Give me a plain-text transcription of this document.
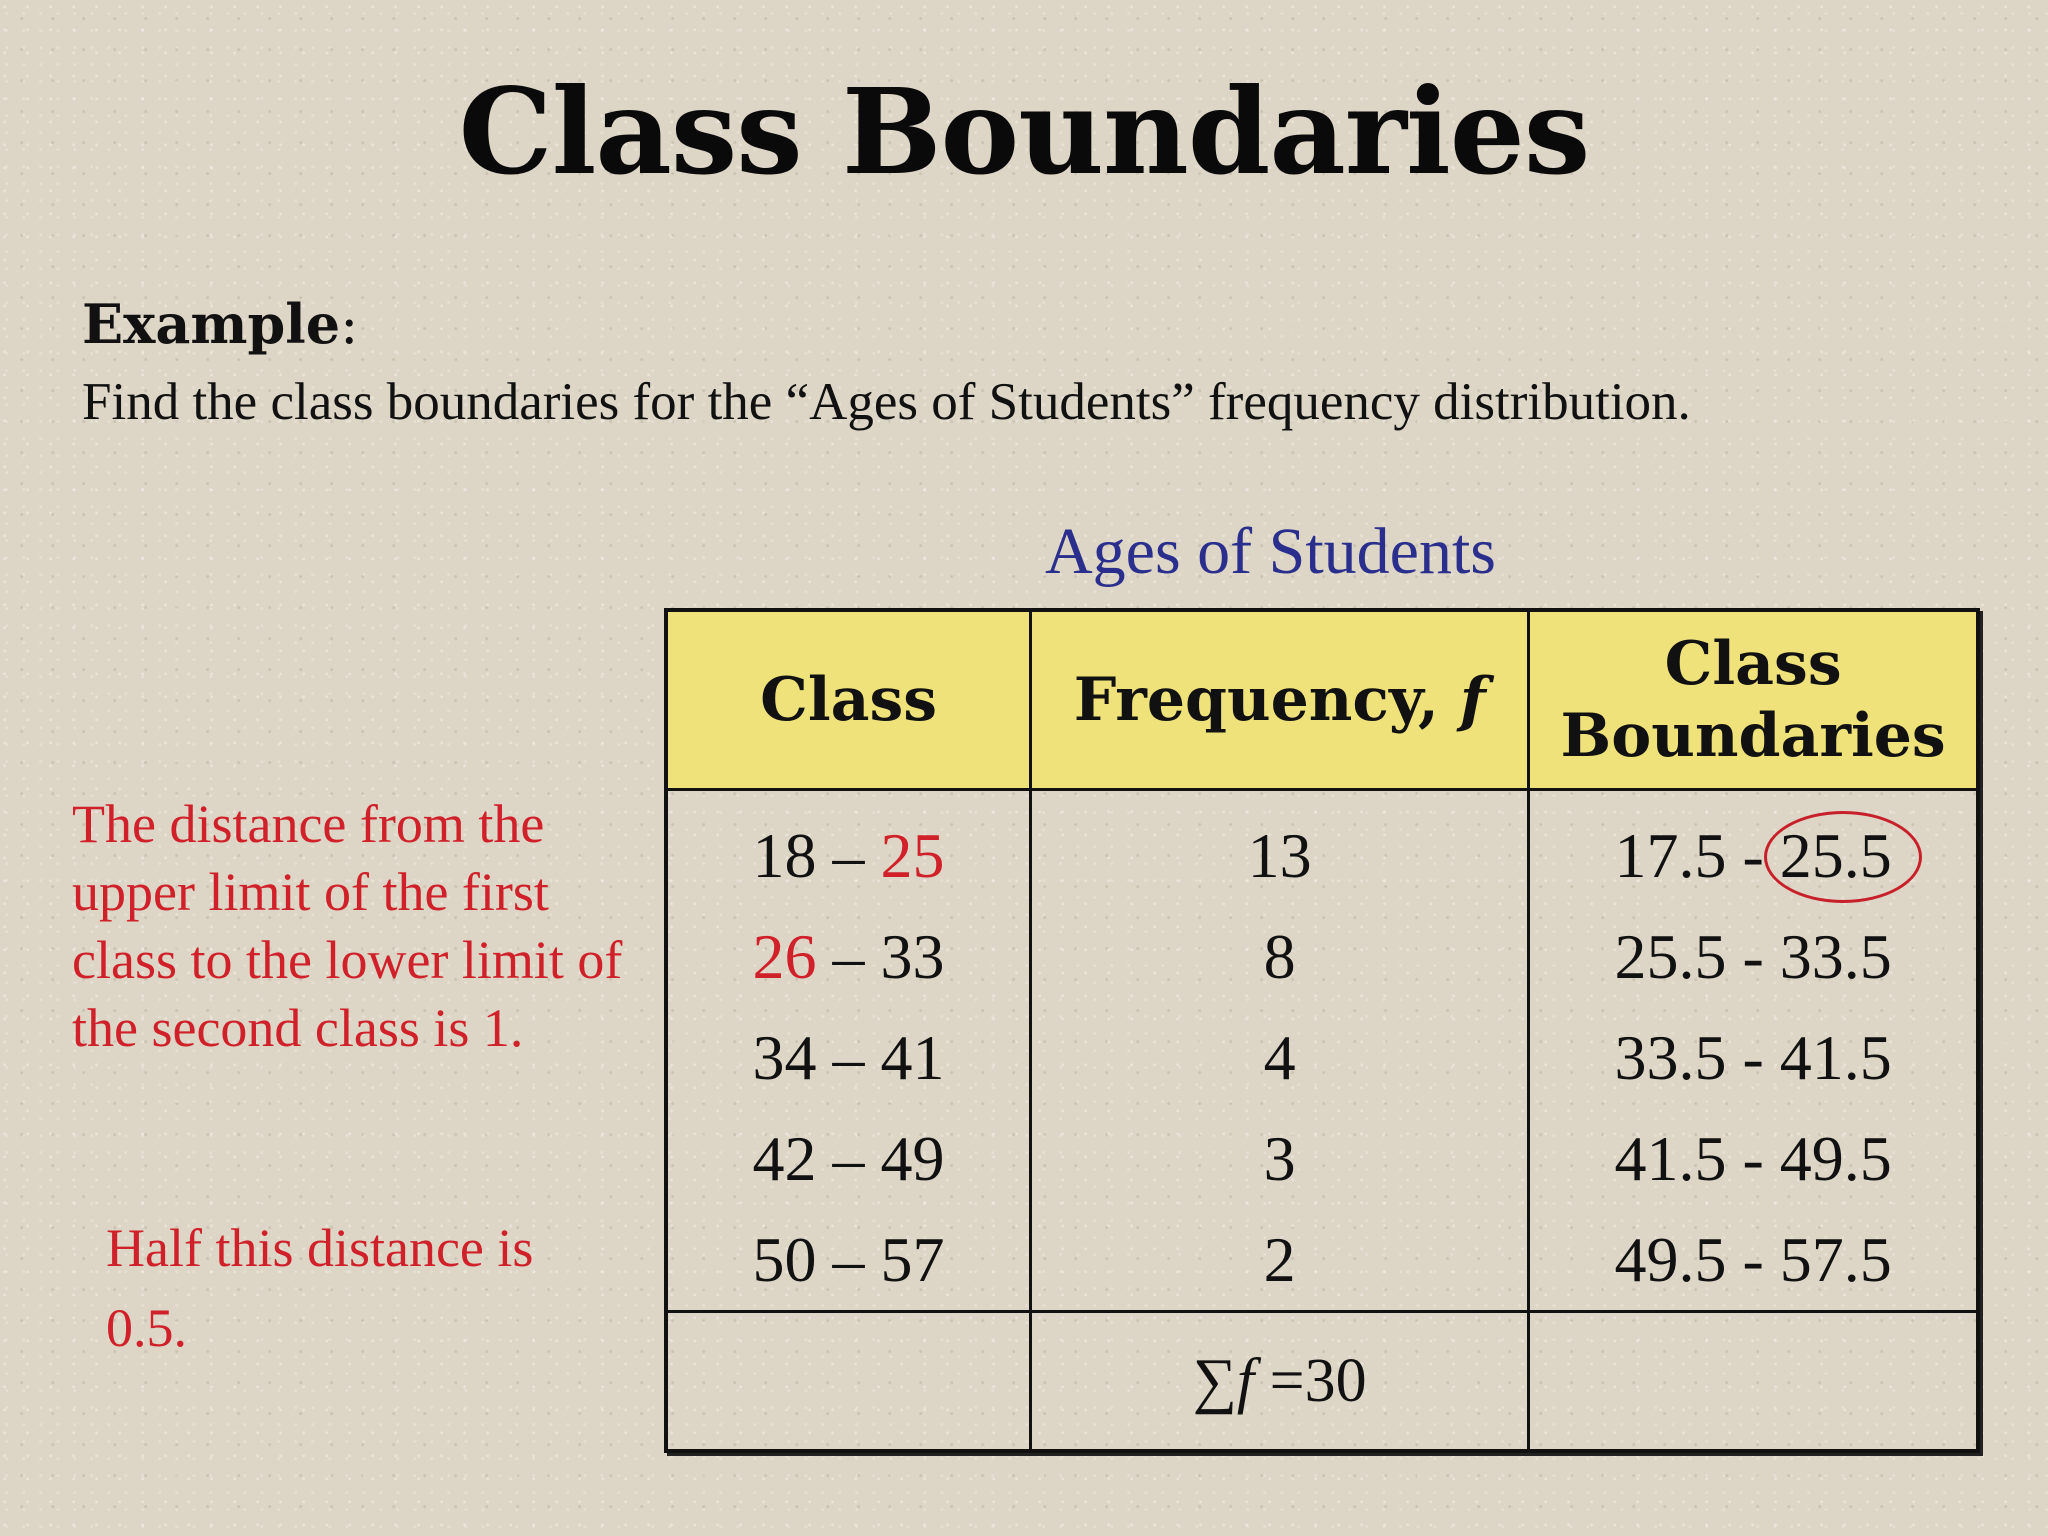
Class Boundaries
Example:
Find the class boundaries for the “Ages of Students” frequency distribution.
Ages of Students
The distance from the upper limit of the first class to the lower limit of the second class is 1.
Half this distance is 0.5.
Class	Frequency, f	Class
Boundaries
18 – 25	13	17.5 - 25.5

26 – 33	8	25.5 - 33.5
34 – 41	4	33.5 - 41.5
42 – 49	3	41.5 - 49.5
50 – 57	2	49.5 - 57.5
	∑f =30	
